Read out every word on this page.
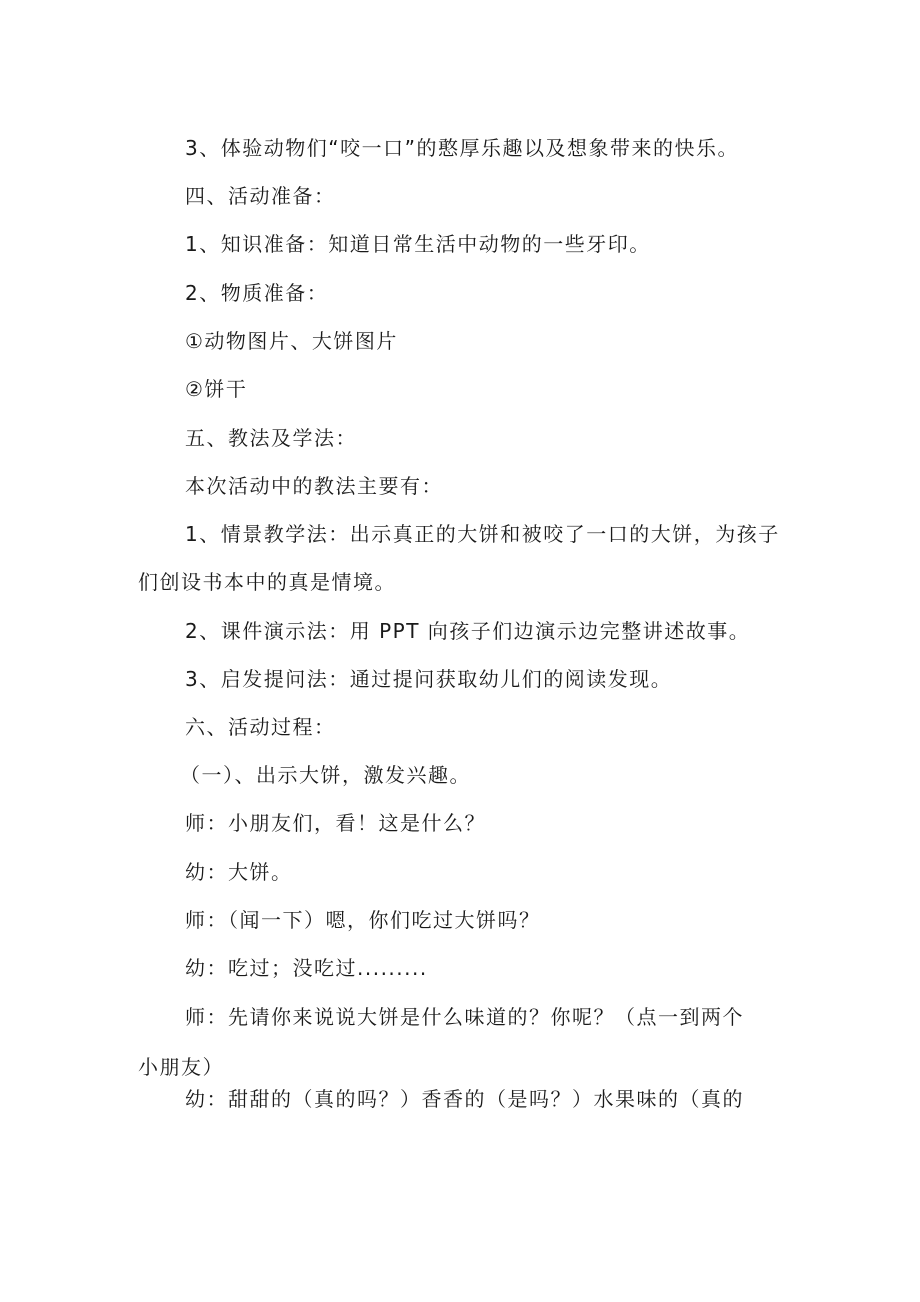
3、体验动物们“咬一口”的憨厚乐趣以及想象带来的快乐。
四、活动准备：
1、知识准备：知道日常生活中动物的一些牙印。
2、物质准备：
①动物图片、大饼图片
②饼干
五、教法及学法：
本次活动中的教法主要有：
1、情景教学法：出示真正的大饼和被咬了一口的大饼，为孩子
们创设书本中的真是情境。
2、课件演示法：用 PPT 向孩子们边演示边完整讲述故事。
3、启发提问法：通过提问获取幼儿们的阅读发现。
六、活动过程：
（一）、出示大饼，激发兴趣。
师：小朋友们，看！这是什么？
幼：大饼。
师：（闻一下）嗯，你们吃过大饼吗？
幼：吃过；没吃过.........
师：先请你来说说大饼是什么味道的？你呢？（点一到两个
小朋友）
幼：甜甜的（真的吗？）香香的（是吗？）水果味的（真的
